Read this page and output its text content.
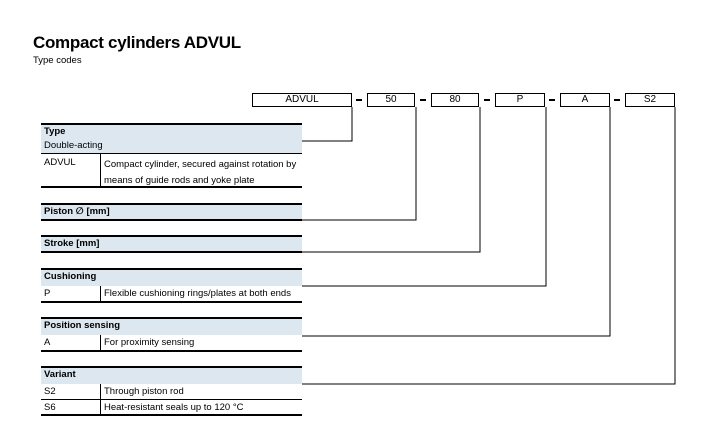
Compact cylinders ADVUL
Type codes
ADVUL	50	80	P	A	S2
Type
Double-acting
ADVUL	Compact cylinder, secured against rotation by means of guide rods and yoke plate
Piston ∅ [mm]
Stroke [mm]
Cushioning
P	Flexible cushioning rings/plates at both ends
Position sensing
A	For proximity sensing
Variant
S2	Through piston rod
S6	Heat-resistant seals up to 120 °C
